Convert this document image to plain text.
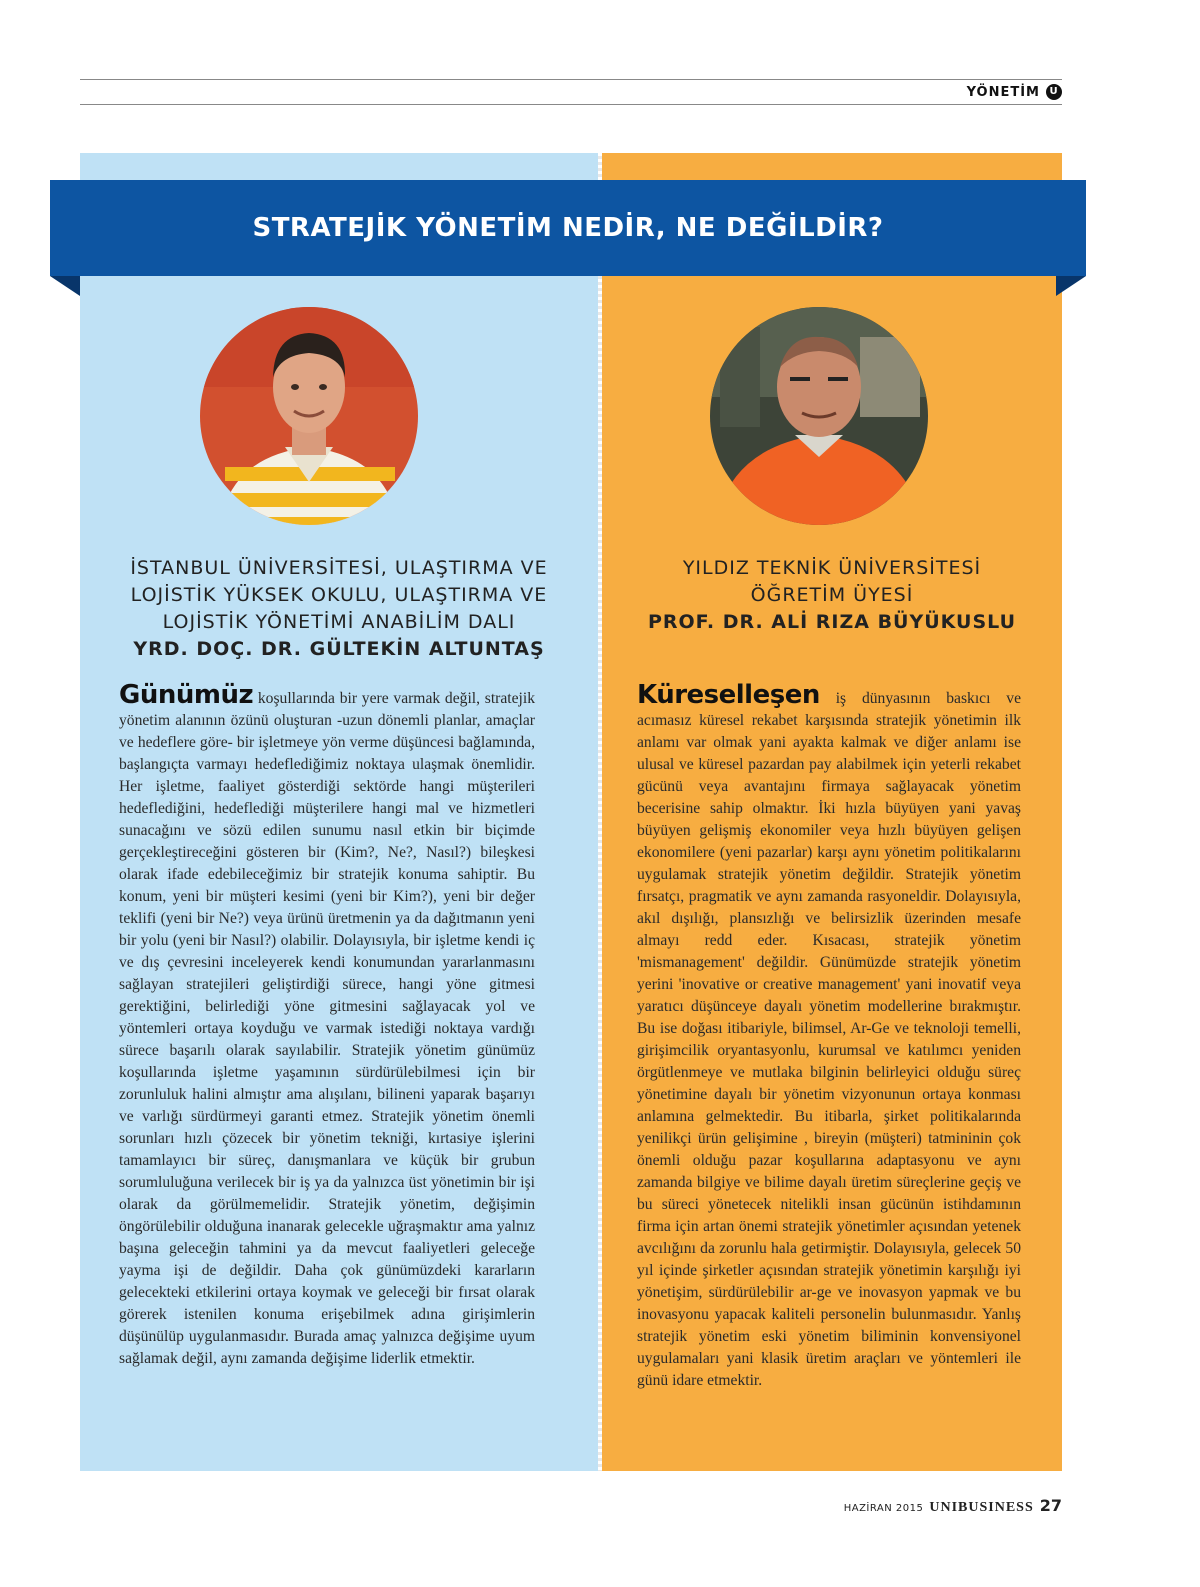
YÖNETİM U
STRATEJİK YÖNETİM NEDİR, NE DEĞİLDİR?
İSTANBUL ÜNİVERSİTESİ, ULAŞTIRMA VE
LOJİSTİK YÜKSEK OKULU, ULAŞTIRMA VE
LOJİSTİK YÖNETİMİ ANABİLİM DALI
YRD. DOÇ. DR. GÜLTEKİN ALTUNTAŞ
YILDIZ TEKNİK ÜNİVERSİTESİ
ÖĞRETİM ÜYESİ
PROF. DR. ALİ RIZA BÜYÜKUSLU
Günümüz koşullarında bir yere varmak değil, stratejik yönetim alanının özünü oluşturan -uzun dönemli planlar, amaçlar ve hedeflere göre- bir işletmeye yön verme düşüncesi bağlamında, başlangıçta varmayı hedeflediğimiz noktaya ulaşmak önemlidir. Her işletme, faaliyet gösterdiği sektörde hangi müşterileri hedeflediğini, hedeflediği müşterilere hangi mal ve hizmetleri sunacağını ve sözü edilen sunumu nasıl etkin bir biçimde gerçekleştireceğini gösteren bir (Kim?, Ne?, Nasıl?) bileşkesi olarak ifade edebileceğimiz bir stratejik konuma sahiptir. Bu konum, yeni bir müşteri kesimi (yeni bir Kim?), yeni bir değer teklifi (yeni bir Ne?) veya ürünü üretmenin ya da dağıtmanın yeni bir yolu (yeni bir Nasıl?) olabilir. Dolayısıyla, bir işletme kendi iç ve dış çevresini inceleyerek kendi konumundan yararlanmasını sağlayan stratejileri geliştirdiği sürece, hangi yöne gitmesi gerektiğini, belirlediği yöne gitmesini sağlayacak yol ve yöntemleri ortaya koyduğu ve varmak istediği noktaya vardığı sürece başarılı olarak sayılabilir. Stratejik yönetim günümüz koşullarında işletme yaşamının sürdürülebilmesi için bir zorunluluk halini almıştır ama alışılanı, bilineni yaparak başarıyı ve varlığı sürdürmeyi garanti etmez. Stratejik yönetim önemli sorunları hızlı çözecek bir yönetim tekniği, kırtasiye işlerini tamamlayıcı bir süreç, danışmanlara ve küçük bir grubun sorumluluğuna verilecek bir iş ya da yalnızca üst yönetimin bir işi olarak da görülmemelidir. Stratejik yönetim, değişimin öngörülebilir olduğuna inanarak gelecekle uğraşmaktır ama yalnız başına geleceğin tahmini ya da mevcut faaliyetleri geleceğe yayma işi de değildir. Daha çok günümüzdeki kararların gelecekteki etkilerini ortaya koymak ve geleceği bir fırsat olarak görerek istenilen konuma erişebilmek adına girişimlerin düşünülüp uygulanmasıdır. Burada amaç yalnızca değişime uyum sağlamak değil, aynı zamanda değişime liderlik etmektir.
Küreselleşen iş dünyasının baskıcı ve acımasız küresel rekabet karşısında stratejik yönetimin ilk anlamı var olmak yani ayakta kalmak ve diğer anlamı ise ulusal ve küresel pazardan pay alabilmek için yeterli rekabet gücünü veya avantajını firmaya sağlayacak yönetim becerisine sahip olmaktır. İki hızla büyüyen yani yavaş büyüyen gelişmiş ekonomiler veya hızlı büyüyen gelişen ekonomilere (yeni pazarlar) karşı aynı yönetim politikalarını uygulamak stratejik yönetim değildir. Stratejik yönetim fırsatçı, pragmatik ve aynı zamanda rasyoneldir. Dolayısıyla, akıl dışılığı, plansızlığı ve belirsizlik üzerinden mesafe almayı redd eder. Kısacası, stratejik yönetim 'mismanagement' değildir. Günümüzde stratejik yönetim yerini 'inovative or creative management' yani inovatif veya yaratıcı düşünceye dayalı yönetim modellerine bırakmıştır. Bu ise doğası itibariyle, bilimsel, Ar-Ge ve teknoloji temelli, girişimcilik oryantasyonlu, kurumsal ve katılımcı yeniden örgütlenmeye ve mutlaka bilginin belirleyici olduğu süreç yönetimine dayalı bir yönetim vizyonunun ortaya konması anlamına gelmektedir. Bu itibarla, şirket politikalarında yenilikçi ürün gelişimine , bireyin (müşteri) tatmininin çok önemli olduğu pazar koşullarına adaptasyonu ve aynı zamanda bilgiye ve bilime dayalı üretim süreçlerine geçiş ve bu süreci yönetecek nitelikli insan gücünün istihdamının firma için artan önemi stratejik yönetimler açısından yetenek avcılığını da zorunlu hala getirmiştir. Dolayısıyla, gelecek 50 yıl içinde şirketler açısından stratejik yönetimin karşılığı iyi yönetişim, sürdürülebilir ar-ge ve inovasyon yapmak ve bu inovasyonu yapacak kaliteli personelin bulunmasıdır. Yanlış stratejik yönetim eski yönetim biliminin konvensiyonel uygulamaları yani klasik üretim araçları ve yöntemleri ile günü idare etmektir.
HAZİRAN 2015 UNIBUSINESS 27
